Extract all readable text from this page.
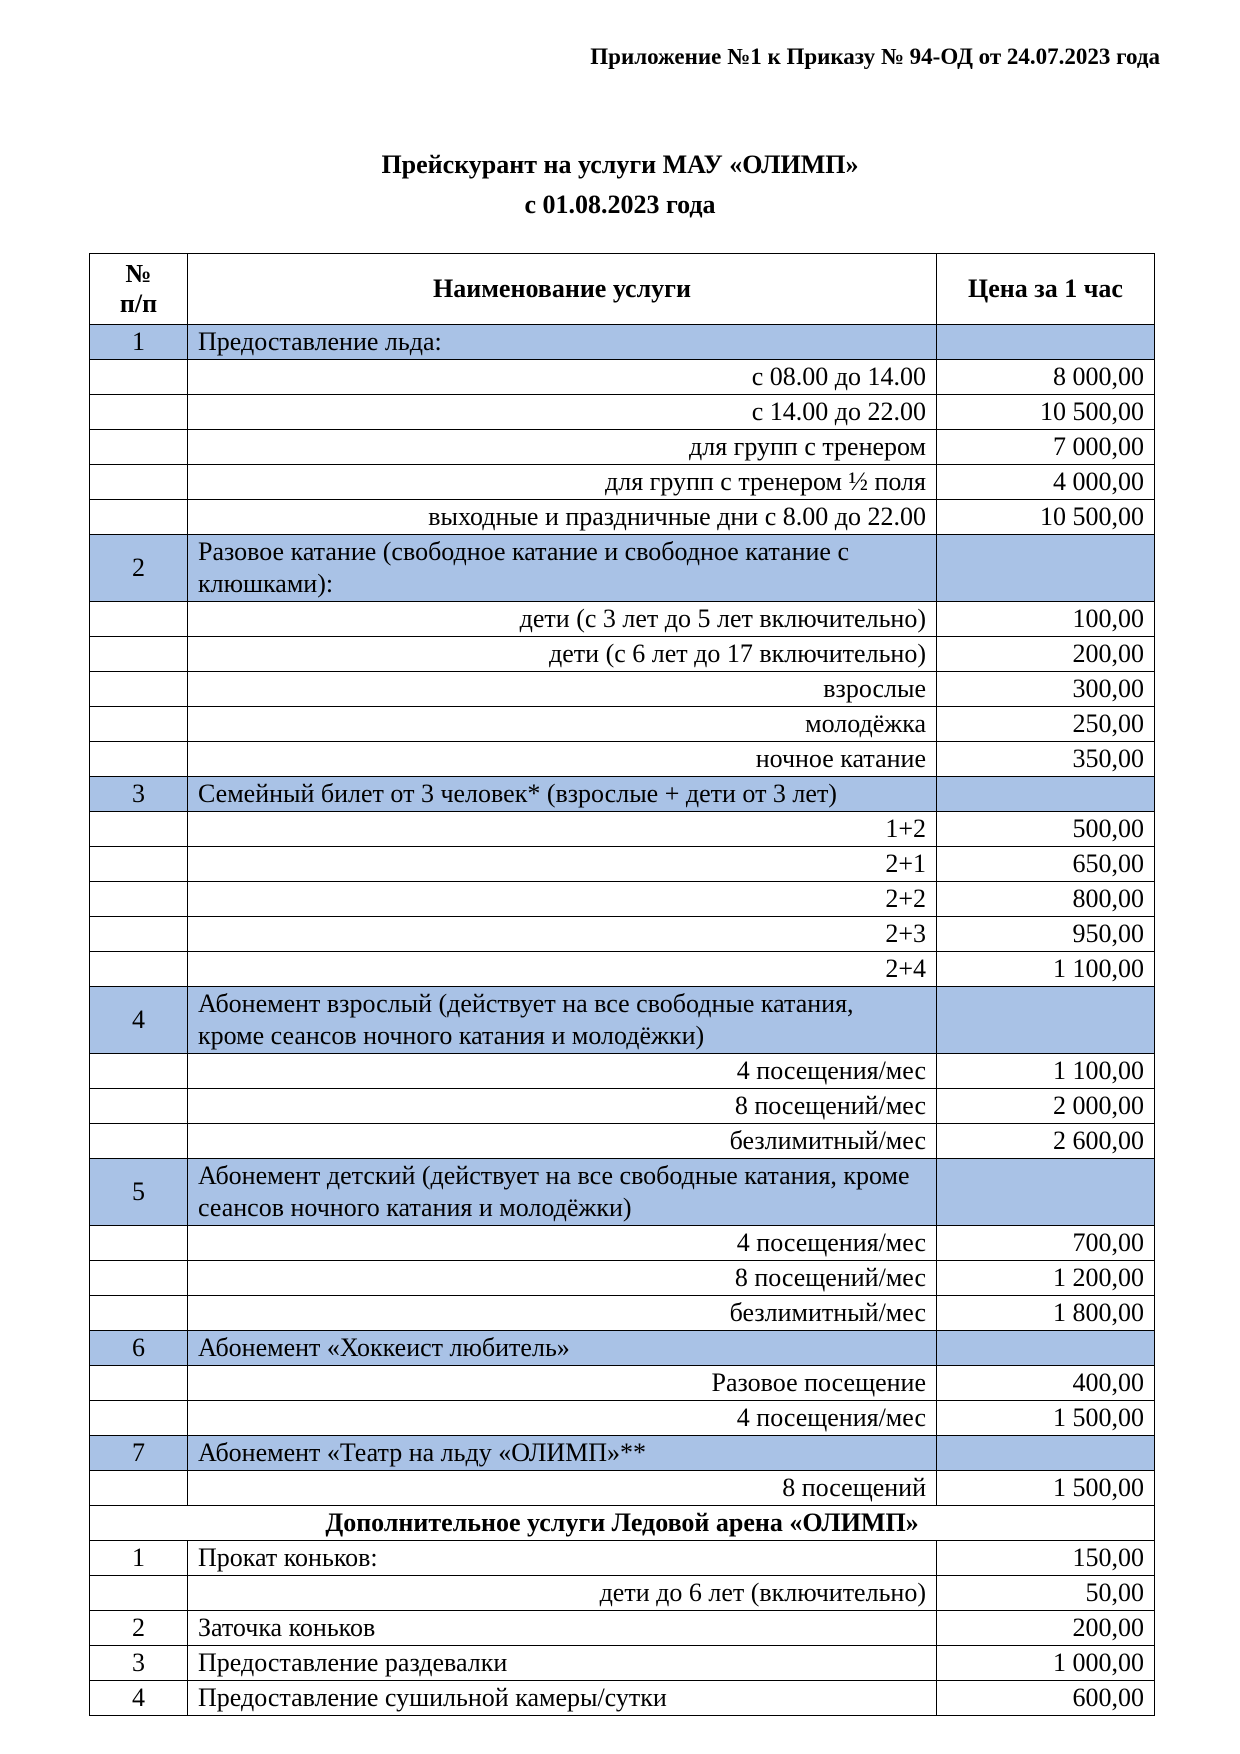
Приложение №1 к Приказу № 94-ОД от 24.07.2023 года
Прейскурант на услуги МАУ «ОЛИМП»
с 01.08.2023 года
№
п/п	Наименование услуги	Цена за 1 час
1	Предоставление льда:	
	с 08.00 до 14.00	8 000,00
	с 14.00 до 22.00	10 500,00
	для групп с тренером	7 000,00
	для групп с тренером ½ поля	4 000,00
	выходные и праздничные дни с 8.00 до 22.00	10 500,00
2	Разовое катание (свободное катание и свободное катание с клюшками):	
	дети (с 3 лет до 5 лет включительно)	100,00
	дети (с 6 лет до 17 включительно)	200,00
	взрослые	300,00
	молодёжка	250,00
	ночное катание	350,00
3	Семейный билет от 3 человек* (взрослые + дети от 3 лет)	
	1+2	500,00
	2+1	650,00
	2+2	800,00
	2+3	950,00
	2+4	1 100,00
4	Абонемент взрослый (действует на все свободные катания, кроме сеансов ночного катания и молодёжки)	
	4 посещения/мес	1 100,00
	8 посещений/мес	2 000,00
	безлимитный/мес	2 600,00
5	Абонемент детский (действует на все свободные катания, кроме сеансов ночного катания и молодёжки)	
	4 посещения/мес	700,00
	8 посещений/мес	1 200,00
	безлимитный/мес	1 800,00
6	Абонемент «Хоккеист любитель»	
	Разовое посещение	400,00
	4 посещения/мес	1 500,00
7	Абонемент «Театр на льду «ОЛИМП»**	
	8 посещений	1 500,00
Дополнительное услуги Ледовой арена «ОЛИМП»		
1	Прокат коньков:	150,00
	дети до 6 лет (включительно)	50,00
2	Заточка коньков	200,00
3	Предоставление раздевалки	1 000,00
4	Предоставление сушильной камеры/сутки	600,00
